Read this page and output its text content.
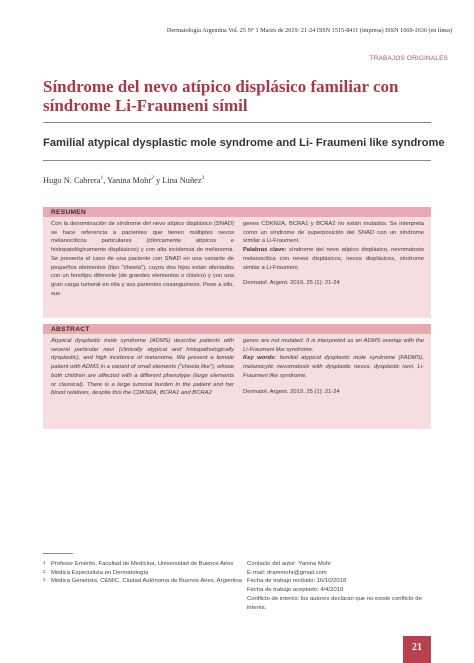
Dermatología Argentina Vol. 25 Nº 1 Marzo de 2019: 21-24 ISSN 1515-8411 (impresa) ISSN 1669-1636 (en línea)
TRABAJOS ORIGINALES
Síndrome del nevo atípico displásico familiar con síndrome Li-Fraumeni símil
Familial atypical dysplastic mole syndrome and Li- Fraumeni like syndrome
Hugo N. Cabrera$^1$, Yanina Mohr$^2$ y Lina Nuñez$^3$
RESUMEN

Con la denominación de síndrome del nevo atípico displásico (SNAD) se hace referencia a pacientes que tienen múltiples nevos melanocíticos particulares (clínicamente atípicos e histopatológicamente displásicos) y con alta incidencia de melanoma. Se presenta el caso de una paciente con SNAD en una variante de pequeños elementos (tipo "cheeta"), cuyos dos hijos están afectados con un fenotipo diferente (de grandes elementos o clásico) y con una gran carga tumoral en ella y sus parientes cosanguíneos. Pese a ello, sus

genes CDKN2A, BCRA1 y BCRA2 no están mutados. Se interpreta como un síndrome de superposición del SNAD con un síndrome símilar a Li-Fraumeni.

Palabras clave: síndrome del nevo atípico displásico, nevomatosis melanocítica con nevos displásicos, nevos displásicos, síndrome similar a Li-Fraumeni.

Dermatol. Argent. 2019, 25 (1): 21-24
ABSTRACT

Atypical dysplastic mole syndrome (ADMS) describe patients with several particular nevi (clinically atypical and histopathologically dysplastic), and high incidence of melanoma. We present a female patient with ADMS in a variant of small elements ("cheeta like"), whose both children are affected with a different phenotype (large elements or classical). There is a large tumoral burden in the patient and her blood relatives, despite this the CDKN2A, BCRA1 and BCRA2

genes are not mutated. It is interpreted as an ADMS overlap with the Li-Fraumeni like syndrome.

Key words: familial atypical dysplastic mole syndrome (FADMS), melanocytic nevomatosis with dysplastic nevus, dysplastic nevi, Li-Fraumeni like syndrome.

Dermatol. Argent. 2019, 25 (1): 21-24

1 Profesor Emérito, Facultad de Medicina, Universidad de Buenos Aires

2 Médica Especialista en Dermatología

3 Médica Genetista, CEMIC, Ciudad Autónoma de Buenos Aires, Argentina

Contacto del autor: Yanina Mohr

E-mail: drammohr@gmail.com

Fecha de trabajo recibido: 16/10/2018

Fecha de trabajo aceptado: 4/4/2019

Conflicto de interés: los autores declaran que no existe conflicto de interés.

21
